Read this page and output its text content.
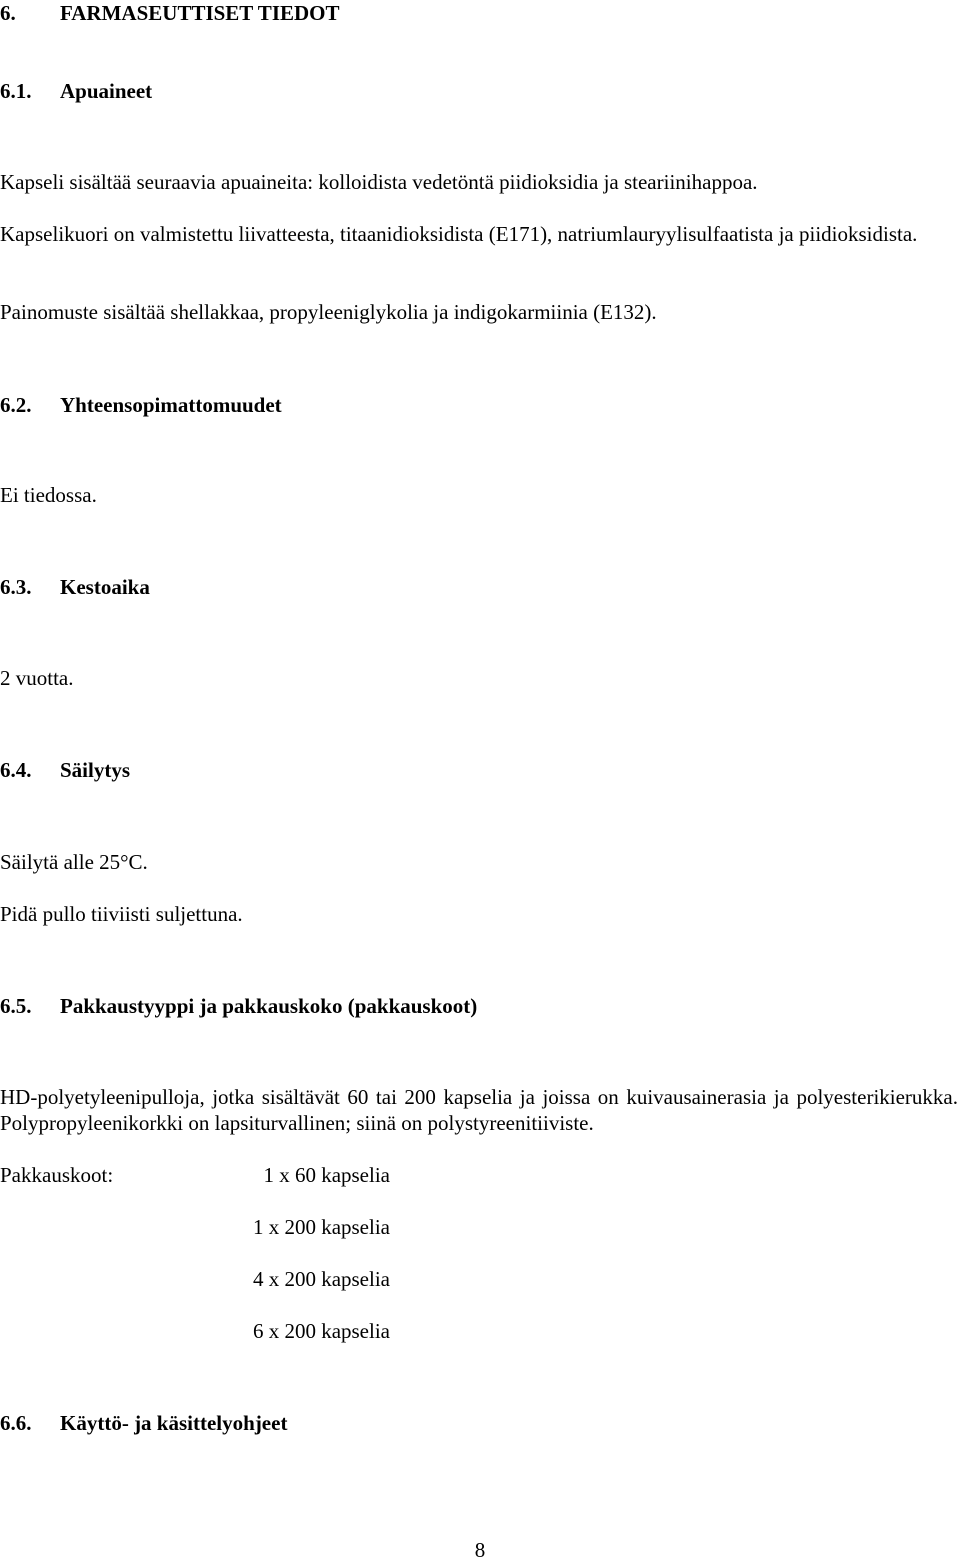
6. FARMASEUTTISET TIEDOT
6.1. Apuaineet
Kapseli sisältää seuraavia apuaineita: kolloidista vedetöntä piidioksidia ja steariinihappoa.
Kapselikuori on valmistettu liivatteesta, titaanidioksidista (E171), natriumlauryylisulfaatista ja piidioksidista.
Painomuste sisältää shellakkaa, propyleeniglykolia ja indigokarmiinia (E132).
6.2. Yhteensopimattomuudet
Ei tiedossa.
6.3. Kestoaika
2 vuotta.
6.4. Säilytys
Säilytä alle 25°C.
Pidä pullo tiiviisti suljettuna.
6.5. Pakkaustyyppi ja pakkauskoko (pakkauskoot)
HD-polyetyleenipulloja, jotka sisältävät 60 tai 200 kapselia ja joissa on kuivausainerasia ja polyesterikierukka. Polypropyleenikorkki on lapsiturvallinen; siinä on polystyreenitiiviste.
Pakkauskoot:	1 x 60 kapselia
1 x 200 kapselia
4 x 200 kapselia
6 x 200 kapselia
6.6. Käyttö- ja käsittelyohjeet
8
